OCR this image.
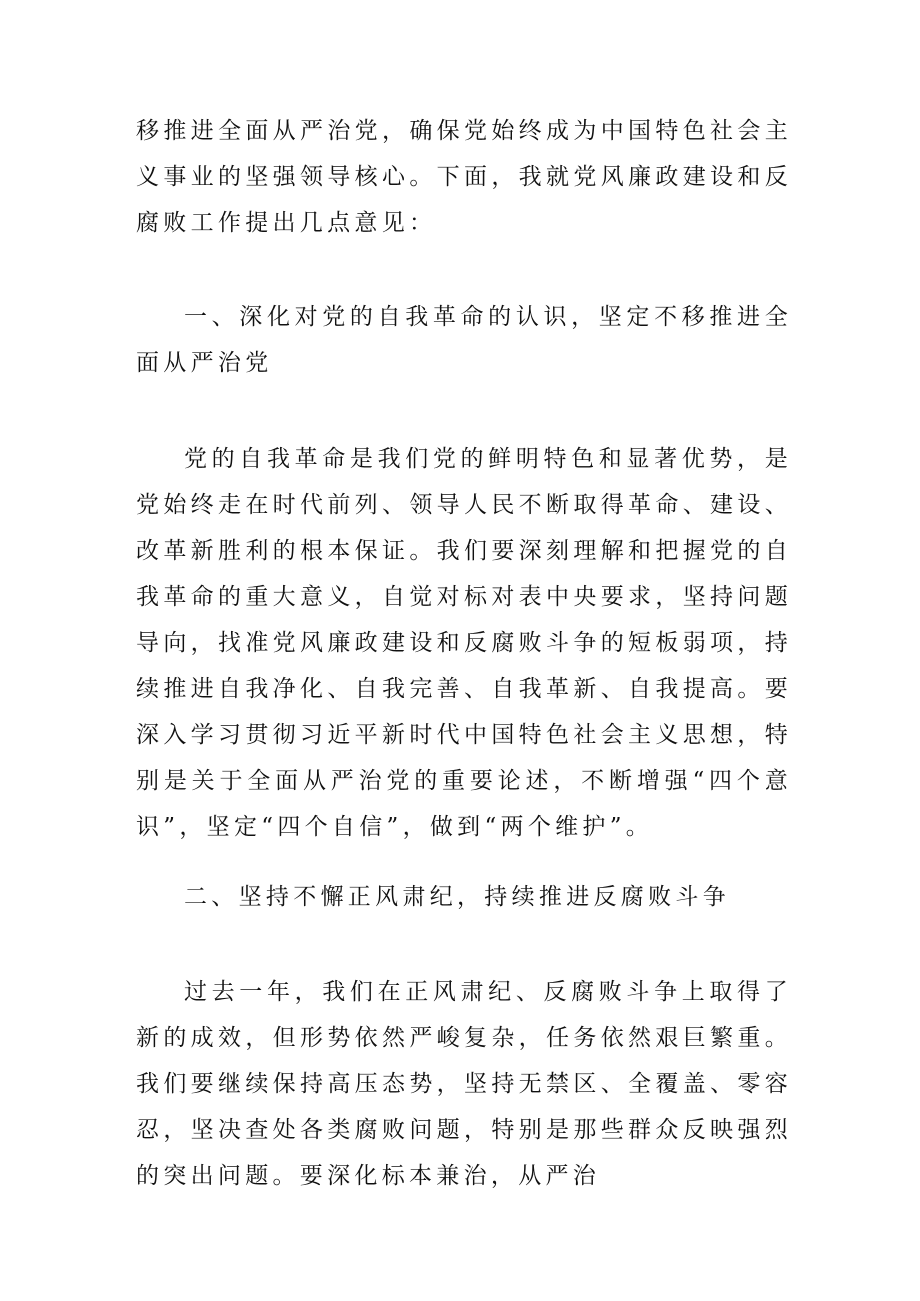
移推进全面从严治党，确保党始终成为中国特色社会主义事业的坚强领导核心。下面，我就党风廉政建设和反腐败工作提出几点意见：

一、深化对党的自我革命的认识，坚定不移推进全面从严治党

党的自我革命是我们党的鲜明特色和显著优势，是党始终走在时代前列、领导人民不断取得革命、建设、改革新胜利的根本保证。我们要深刻理解和把握党的自我革命的重大意义，自觉对标对表中央要求，坚持问题导向，找准党风廉政建设和反腐败斗争的短板弱项，持续推进自我净化、自我完善、自我革新、自我提高。要深入学习贯彻习近平新时代中国特色社会主义思想，特别是关于全面从严治党的重要论述，不断增强“四个意识”，坚定“四个自信”，做到“两个维护”。

二、坚持不懈正风肃纪，持续推进反腐败斗争

过去一年，我们在正风肃纪、反腐败斗争上取得了新的成效，但形势依然严峻复杂，任务依然艰巨繁重。我们要继续保持高压态势，坚持无禁区、全覆盖、零容忍，坚决查处各类腐败问题，特别是那些群众反映强烈的突出问题。要深化标本兼治，从严治
